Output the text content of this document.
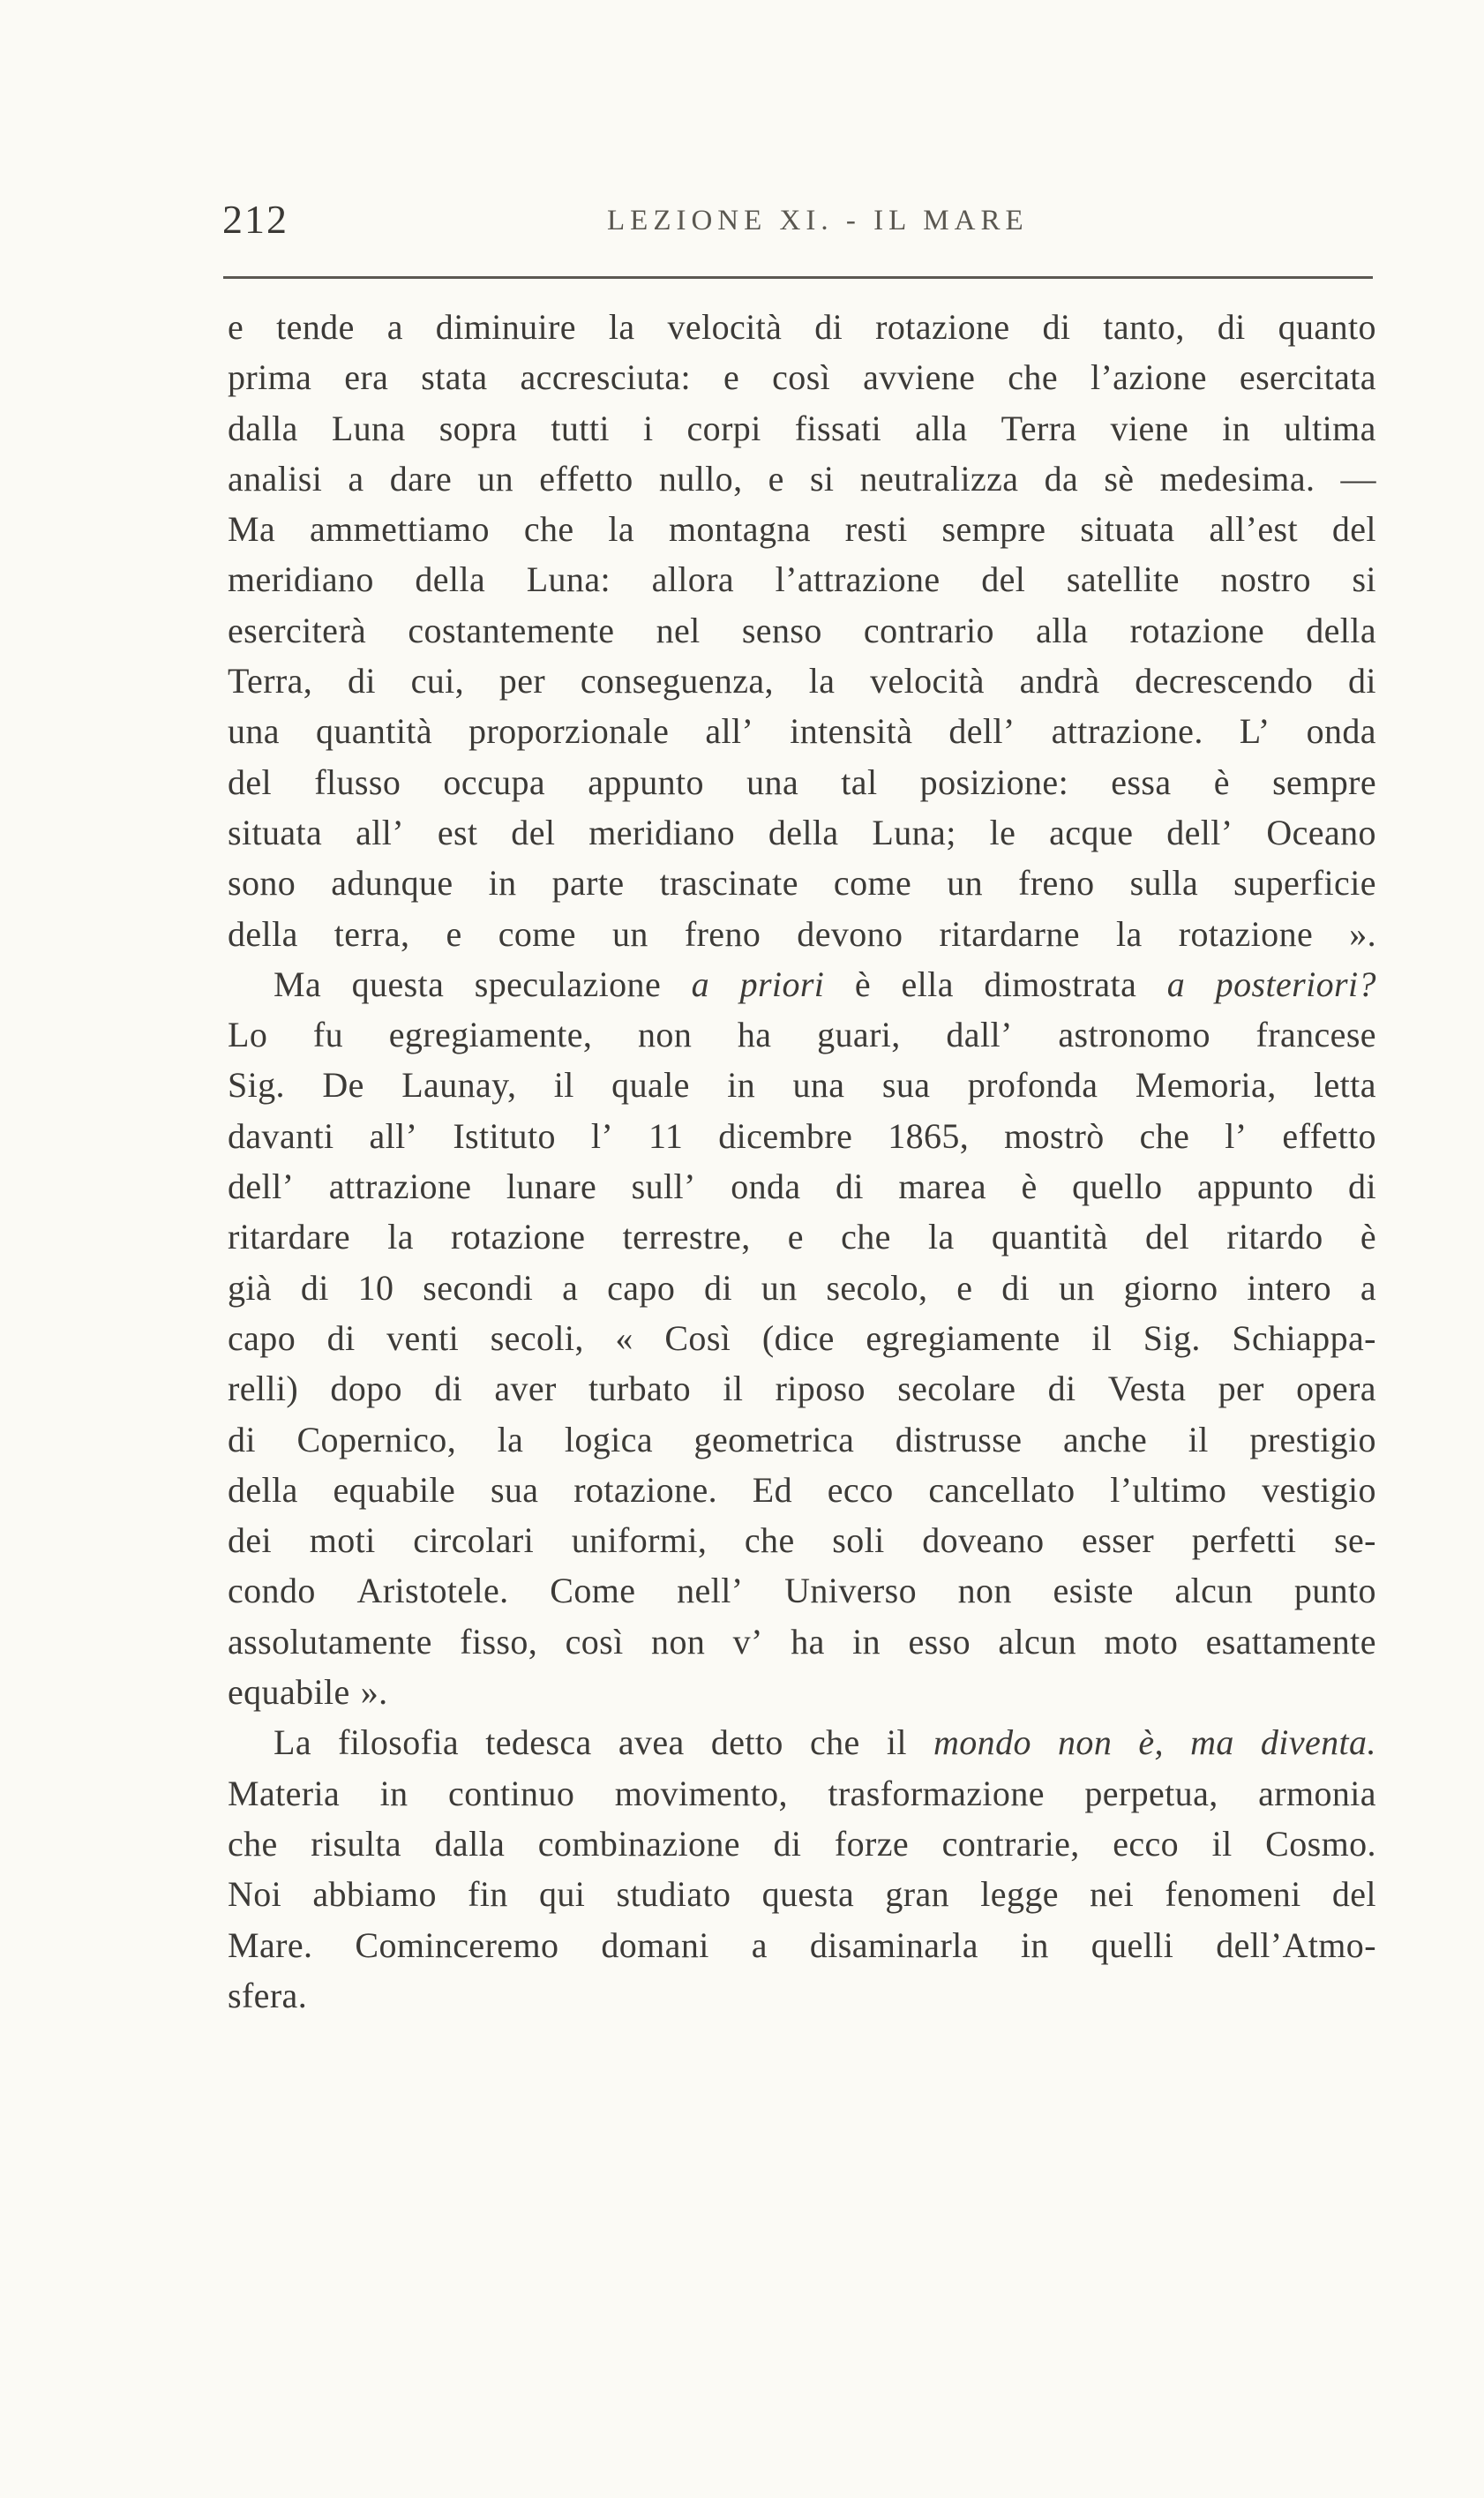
212	LEZIONE XI. - IL MARE
e tende a diminuire la velocità di rotazione di tanto, di quanto
prima era stata accresciuta: e così avviene che l’azione esercitata
dalla Luna sopra tutti i corpi fissati alla Terra viene in ultima
analisi a dare un effetto nullo, e si neutralizza da sè medesima. —
Ma ammettiamo che la montagna resti sempre situata all’est del
meridiano della Luna: allora l’attrazione del satellite nostro si
eserciterà costantemente nel senso contrario alla rotazione della
Terra, di cui, per conseguenza, la velocità andrà decrescendo di
una quantità proporzionale all’ intensità dell’ attrazione. L’ onda
del flusso occupa appunto una tal posizione: essa è sempre
situata all’ est del meridiano della Luna; le acque dell’ Oceano
sono adunque in parte trascinate come un freno sulla superficie
della terra, e come un freno devono ritardarne la rotazione ».
Ma questa speculazione a priori è ella dimostrata a posteriori?
Lo fu egregiamente, non ha guari, dall’ astronomo francese
Sig. De Launay, il quale in una sua profonda Memoria, letta
davanti all’ Istituto l’ 11 dicembre 1865, mostrò che l’ effetto
dell’ attrazione lunare sull’ onda di marea è quello appunto di
ritardare la rotazione terrestre, e che la quantità del ritardo è
già di 10 secondi a capo di un secolo, e di un giorno intero a
capo di venti secoli, « Così (dice egregiamente il Sig. Schiappa-
relli) dopo di aver turbato il riposo secolare di Vesta per opera
di Copernico, la logica geometrica distrusse anche il prestigio
della equabile sua rotazione. Ed ecco cancellato l’ultimo vestigio
dei moti circolari uniformi, che soli doveano esser perfetti se-
condo Aristotele. Come nell’ Universo non esiste alcun punto
assolutamente fisso, così non v’ ha in esso alcun moto esattamente
equabile ».
La filosofia tedesca avea detto che il mondo non è, ma diventa.
Materia in continuo movimento, trasformazione perpetua, armonia
che risulta dalla combinazione di forze contrarie, ecco il Cosmo.
Noi abbiamo fin qui studiato questa gran legge nei fenomeni del
Mare. Cominceremo domani a disaminarla in quelli dell’Atmo-
sfera.
